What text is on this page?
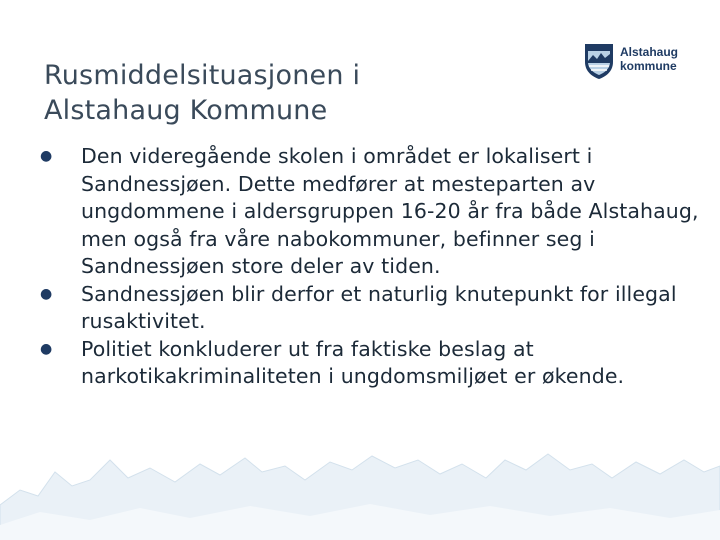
Alstahaug
kommune
Rusmiddelsituasjonen i
Alstahaug Kommune
● Den videregående skolen i området er lokalisert i Sandnessjøen. Dette medfører at mesteparten av ungdommene i aldersgruppen 16-20 år fra både Alstahaug, men også fra våre nabokommuner, befinner seg i Sandnessjøen store deler av tiden.
● Sandnessjøen blir derfor et naturlig knutepunkt for illegal rusaktivitet.
● Politiet konkluderer ut fra faktiske beslag at narkotikakriminaliteten i ungdomsmiljøet er økende.
